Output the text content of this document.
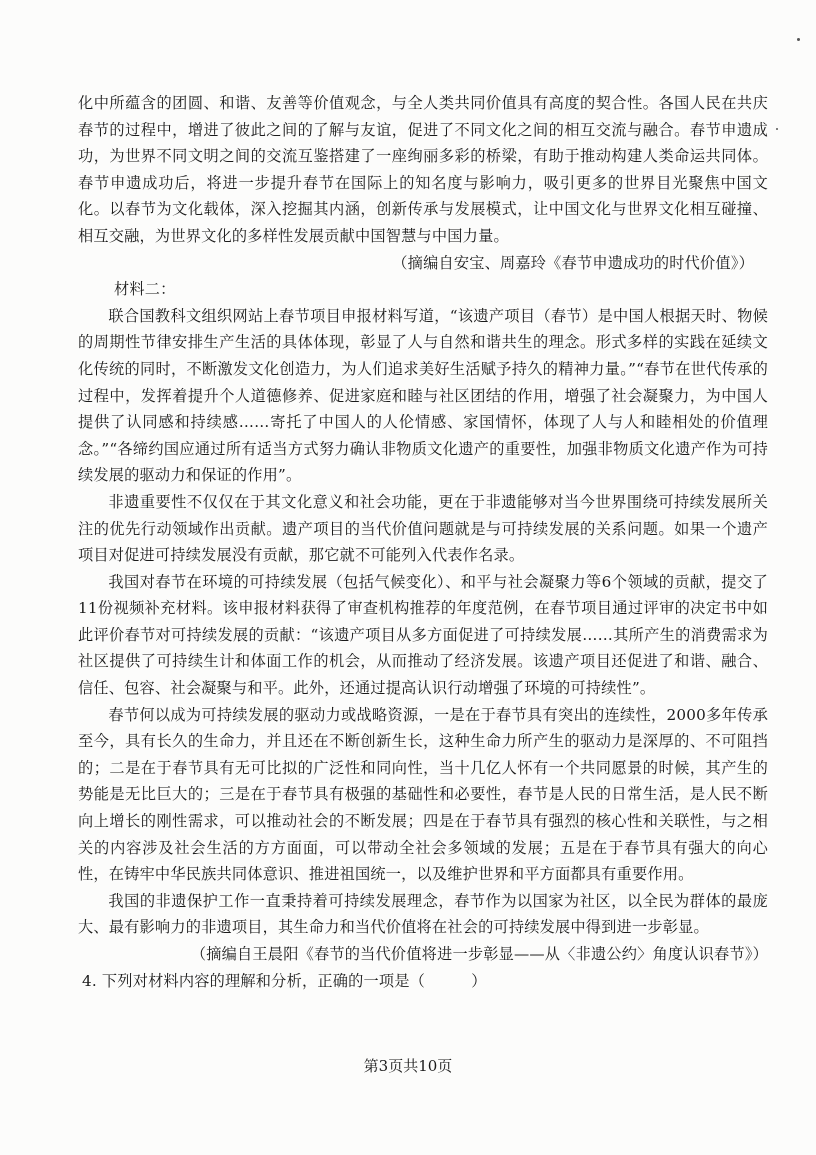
化中所蕴含的团圆、和谐、友善等价值观念，与全人类共同价值具有高度的契合性。各国人民在共庆春节的过程中，增进了彼此之间的了解与友谊，促进了不同文化之间的相互交流与融合。春节申遗成功，为世界不同文明之间的交流互鉴搭建了一座绚丽多彩的桥梁，有助于推动构建人类命运共同体。春节申遗成功后，将进一步提升春节在国际上的知名度与影响力，吸引更多的世界目光聚焦中国文化。以春节为文化载体，深入挖掘其内涵，创新传承与发展模式，让中国文化与世界文化相互碰撞、相互交融，为世界文化的多样性发展贡献中国智慧与中国力量。

（摘编自安宝、周嘉玲《春节申遗成功的时代价值》）

材料二：

联合国教科文组织网站上春节项目申报材料写道，“该遗产项目（春节）是中国人根据天时、物候的周期性节律安排生产生活的具体体现，彰显了人与自然和谐共生的理念。形式多样的实践在延续文化传统的同时，不断激发文化创造力，为人们追求美好生活赋予持久的精神力量。”“春节在世代传承的过程中，发挥着提升个人道德修养、促进家庭和睦与社区团结的作用，增强了社会凝聚力，为中国人提供了认同感和持续感……寄托了中国人的人伦情感、家国情怀，体现了人与人和睦相处的价值理念。”“各缔约国应通过所有适当方式努力确认非物质文化遗产的重要性，加强非物质文化遗产作为可持续发展的驱动力和保证的作用”。

非遗重要性不仅仅在于其文化意义和社会功能，更在于非遗能够对当今世界围绕可持续发展所关注的优先行动领域作出贡献。遗产项目的当代价值问题就是与可持续发展的关系问题。如果一个遗产项目对促进可持续发展没有贡献，那它就不可能列入代表作名录。

我国对春节在环境的可持续发展（包括气候变化）、和平与社会凝聚力等6个领域的贡献，提交了11份视频补充材料。该申报材料获得了审查机构推荐的年度范例，在春节项目通过评审的决定书中如此评价春节对可持续发展的贡献：“该遗产项目从多方面促进了可持续发展……其所产生的消费需求为社区提供了可持续生计和体面工作的机会，从而推动了经济发展。该遗产项目还促进了和谐、融合、信任、包容、社会凝聚与和平。此外，还通过提高认识行动增强了环境的可持续性”。

春节何以成为可持续发展的驱动力或战略资源，一是在于春节具有突出的连续性，2000多年传承至今，具有长久的生命力，并且还在不断创新生长，这种生命力所产生的驱动力是深厚的、不可阻挡的；二是在于春节具有无可比拟的广泛性和同向性，当十几亿人怀有一个共同愿景的时候，其产生的势能是无比巨大的；三是在于春节具有极强的基础性和必要性，春节是人民的日常生活，是人民不断向上增长的刚性需求，可以推动社会的不断发展；四是在于春节具有强烈的核心性和关联性，与之相关的内容涉及社会生活的方方面面，可以带动全社会多领域的发展；五是在于春节具有强大的向心性，在铸牢中华民族共同体意识、推进祖国统一，以及维护世界和平方面都具有重要作用。

我国的非遗保护工作一直秉持着可持续发展理念，春节作为以国家为社区，以全民为群体的最庞大、最有影响力的非遗项目，其生命力和当代价值将在社会的可持续发展中得到进一步彰显。

（摘编自王晨阳《春节的当代价值将进一步彰显——从〈非遗公约〉角度认识春节》）

4. 下列对材料内容的理解和分析，正确的一项是（　　　）

第3页共10页
